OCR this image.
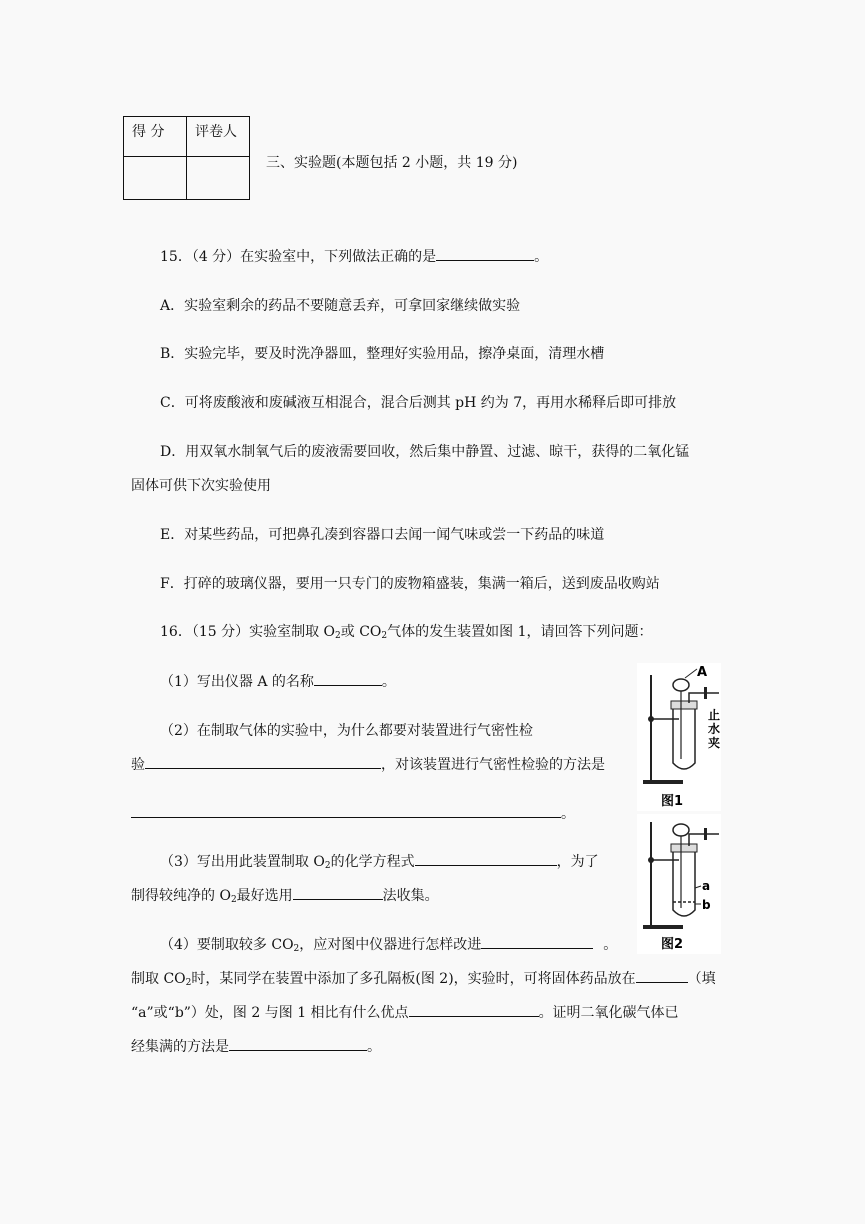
得 分	评卷人

三、实验题(本题包括 2 小题，共 19 分)
15．（4 分）在实验室中，下列做法正确的是	。
A．实验室剩余的药品不要随意丢弃，可拿回家继续做实验
B．实验完毕，要及时洗净器皿，整理好实验用品，擦净桌面，清理水槽
C．可将废酸液和废碱液互相混合，混合后测其 pH 约为 7，再用水稀释后即可排放
D．用双氧水制氧气后的废液需要回收，然后集中静置、过滤、晾干，获得的二氧化锰
固体可供下次实验使用
E．对某些药品，可把鼻孔凑到容器口去闻一闻气味或尝一下药品的味道
F．打碎的玻璃仪器，要用一只专门的废物箱盛装，集满一箱后，送到废品收购站
16．（15 分）实验室制取 $O_2$或 $CO_2$气体的发生装置如图 1，请回答下列问题：
（1）写出仪器 A 的名称	。
（2）在制取气体的实验中，为什么都要对装置进行气密性检
验	，对该装置进行气密性检验的方法是
。
（3）写出用此装置制取 $O_2$的化学方程式	，为了
制得较纯净的 $O_2$最好选用	法收集。
（4）要制取较多 $CO_2$，应对图中仪器进行怎样改进	。
制取 $CO_2$时，某同学在装置中添加了多孔隔板(图 2)，实验时，可将固体药品放在	（填
“a”或“b”）处，图 2 与图 1 相比有什么优点	。证明二氧化碳气体已
经集满的方法是	。
A
止
水
夹
图1
a
b
图2
